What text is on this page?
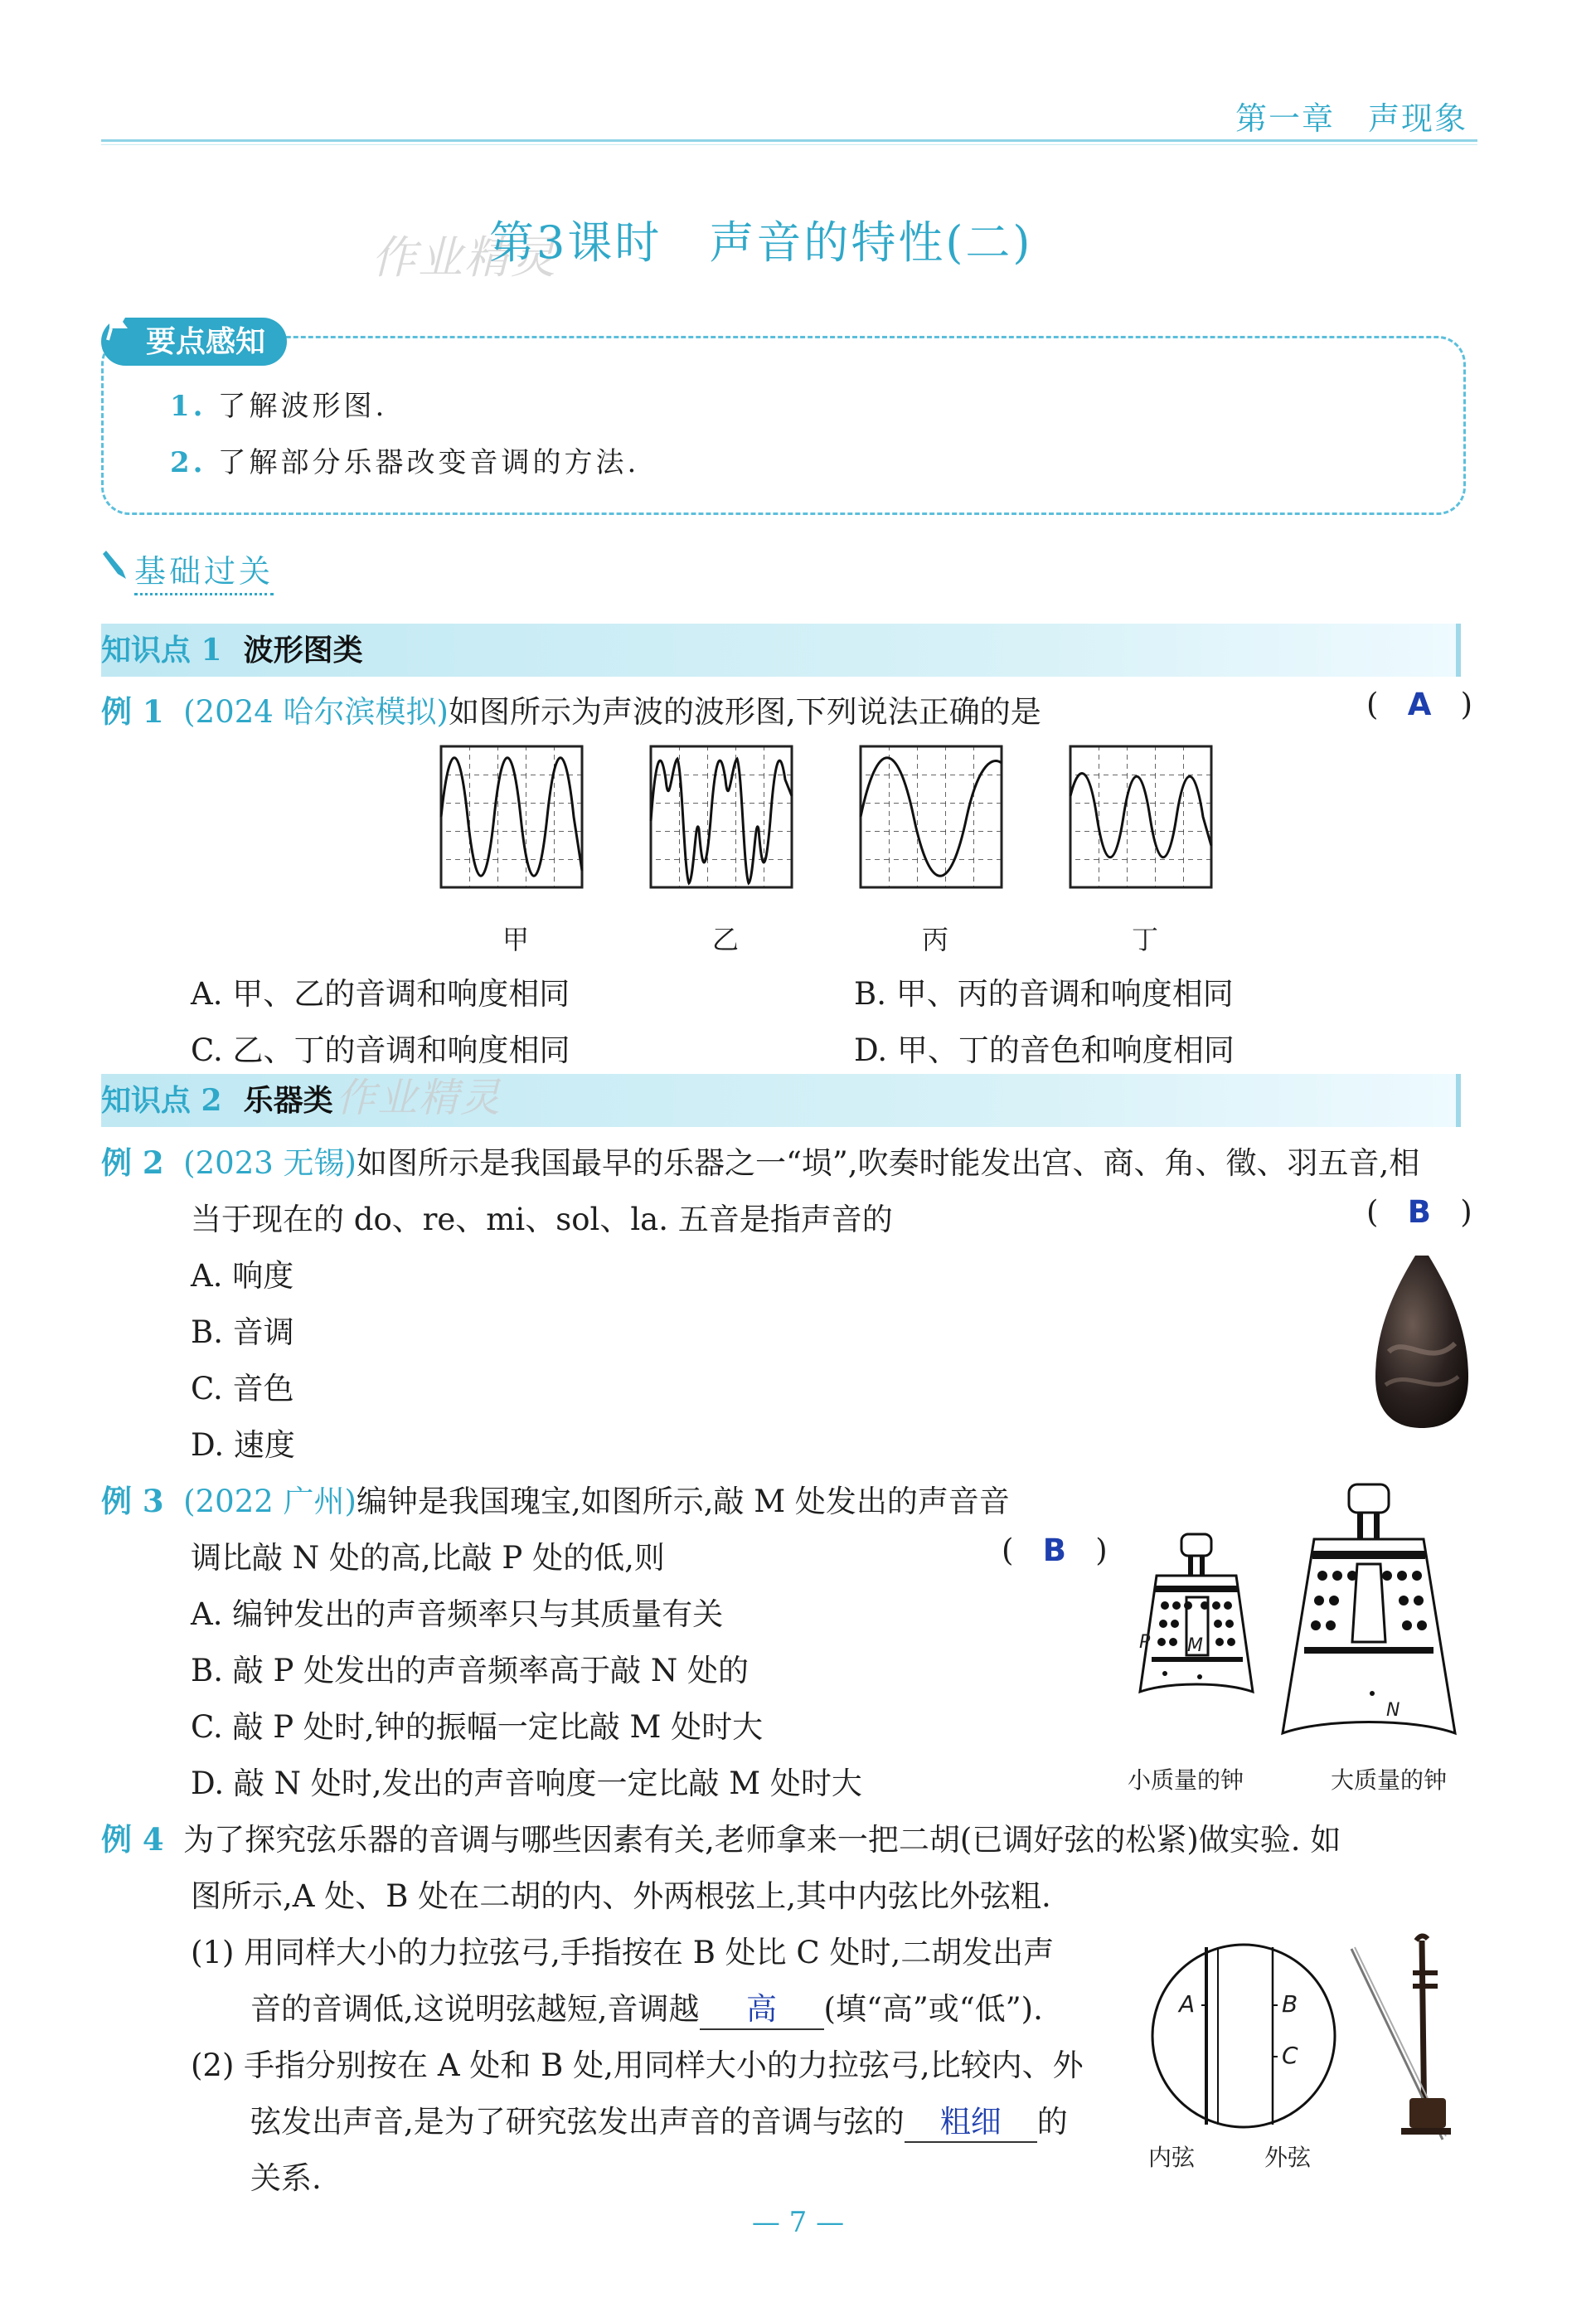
第一章　声现象
作业精灵
第3课时　声音的特性(二)
要点感知
1. 了解波形图.
2. 了解部分乐器改变音调的方法.
基础过关
知识点 1 波形图类
例 1 (2024 哈尔滨模拟)如图所示为声波的波形图,下列说法正确的是	(   A   )
甲	乙	丙	丁
A. 甲、乙的音调和响度相同	B. 甲、丙的音调和响度相同
C. 乙、丁的音调和响度相同	D. 甲、丁的音色和响度相同
知识点 2 乐器类 作业精灵
例 2 (2023 无锡)如图所示是我国最早的乐器之一“埙”,吹奏时能发出宫、商、角、徵、羽五音,相
当于现在的 do、re、mi、sol、la. 五音是指声音的	(   B   )
A. 响度
B. 音调
C. 音色
D. 速度
例 3 (2022 广州)编钟是我国瑰宝,如图所示,敲 M 处发出的声音音
调比敲 N 处的高,比敲 P 处的低,则	(   B   )
A. 编钟发出的声音频率只与其质量有关
B. 敲 P 处发出的声音频率高于敲 N 处的
C. 敲 P 处时,钟的振幅一定比敲 M 处时大
D. 敲 N 处时,发出的声音响度一定比敲 M 处时大
P M
N
小质量的钟	大质量的钟
例 4 为了探究弦乐器的音调与哪些因素有关,老师拿来一把二胡(已调好弦的松紧)做实验. 如
图所示,A 处、B 处在二胡的内、外两根弦上,其中内弦比外弦粗.
(1) 用同样大小的力拉弦弓,手指按在 B 处比 C 处时,二胡发出声
音的音调低,这说明弦越短,音调越 高 (填“高”或“低”).
(2) 手指分别按在 A 处和 B 处,用同样大小的力拉弦弓,比较内、外
弦发出声音,是为了研究弦发出声音的音调与弦的 粗细 的
关系.
A	B
C
内弦	外弦
— 7 —
